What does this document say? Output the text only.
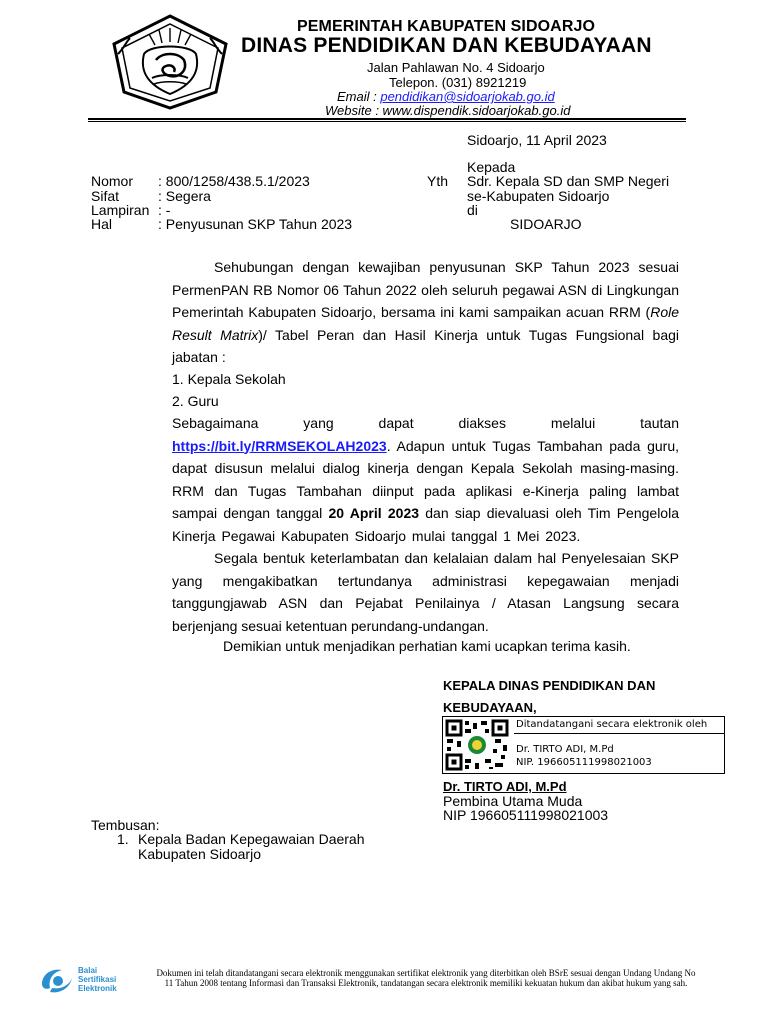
PEMERINTAH KABUPATEN SIDOARJO
DINAS PENDIDIKAN DAN KEBUDAYAAN
Jalan Pahlawan No. 4 Sidoarjo
Telepon. (031) 8921219
Email : pendidikan@sidoarjokab.go.id
Website : www.dispendik.sidoarjokab.go.id
Sidoarjo, 11 April 2023
Nomor : 800/1258/438.5.1/2023
Sifat	: Segera
Lampiran : -
Hal	: Penyusunan SKP Tahun 2023
Kepada
Yth Sdr. Kepala SD dan SMP Negeri
se-Kabupaten Sidoarjo
di
SIDOARJO
Sehubungan dengan kewajiban penyusunan SKP Tahun 2023 sesuai PermenPAN RB Nomor 06 Tahun 2022 oleh seluruh pegawai ASN di Lingkungan Pemerintah Kabupaten Sidoarjo, bersama ini kami sampaikan acuan RRM (Role Result Matrix)/ Tabel Peran dan Hasil Kinerja untuk Tugas Fungsional bagi jabatan :
1. Kepala Sekolah
2. Guru
Sebagaimana yang dapat diakses melalui tautan https://bit.ly/RRMSEKOLAH2023. Adapun untuk Tugas Tambahan pada guru, dapat disusun melalui dialog kinerja dengan Kepala Sekolah masing-masing. RRM dan Tugas Tambahan diinput pada aplikasi e-Kinerja paling lambat sampai dengan tanggal 20 April 2023 dan siap dievaluasi oleh Tim Pengelola Kinerja Pegawai Kabupaten Sidoarjo mulai tanggal 1 Mei 2023.
Segala bentuk keterlambatan dan kelalaian dalam hal Penyelesaian SKP yang mengakibatkan tertundanya administrasi kepegawaian menjadi tanggungjawab ASN dan Pejabat Penilainya / Atasan Langsung secara berjenjang sesuai ketentuan perundang-undangan.
Demikian untuk menjadikan perhatian kami ucapkan terima kasih.
KEPALA DINAS PENDIDIKAN DAN
KEBUDAYAAN,
Ditandatangani secara elektronik oleh
Dr. TIRTO ADI, M.Pd
NIP. 196605111998021003
Dr. TIRTO ADI, M.Pd
Pembina Utama Muda
NIP 196605111998021003
Tembusan:
1. Kepala Badan Kepegawaian Daerah
Kabupaten Sidoarjo
Balai
Sertifikasi
Elektronik
Dokumen ini telah ditandatangani secara elektronik menggunakan sertifikat elektronik yang diterbitkan oleh BSrE sesuai dengan Undang Undang No 11 Tahun 2008 tentang Informasi dan Transaksi Elektronik, tandatangan secara elektronik memiliki kekuatan hukum dan akibat hukum yang sah.
